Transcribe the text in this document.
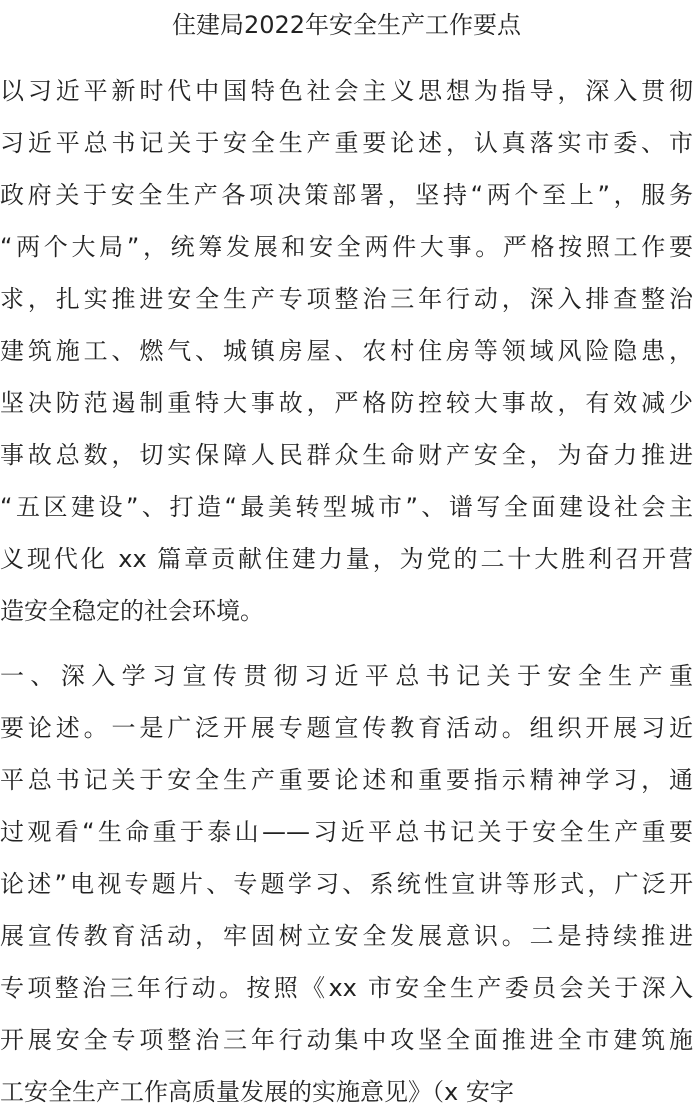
住建局2022年安全生产工作要点
以习近平新时代中国特色社会主义思想为指导，深入贯彻
习近平总书记关于安全生产重要论述，认真落实市委、市
政府关于安全生产各项决策部署，坚持“两个至上”，服务
“两个大局”，统筹发展和安全两件大事。严格按照工作要
求，扎实推进安全生产专项整治三年行动，深入排查整治
建筑施工、燃气、城镇房屋、农村住房等领域风险隐患，
坚决防范遏制重特大事故，严格防控较大事故，有效减少
事故总数，切实保障人民群众生命财产安全，为奋力推进
“五区建设”、打造“最美转型城市”、谱写全面建设社会主
义现代化 xx 篇章贡献住建力量，为党的二十大胜利召开营
造安全稳定的社会环境。
一、深入学习宣传贯彻习近平总书记关于安全生产重
要论述。一是广泛开展专题宣传教育活动。组织开展习近
平总书记关于安全生产重要论述和重要指示精神学习，通
过观看“生命重于泰山——习近平总书记关于安全生产重要
论述”电视专题片、专题学习、系统性宣讲等形式，广泛开
展宣传教育活动，牢固树立安全发展意识。二是持续推进
专项整治三年行动。按照《xx 市安全生产委员会关于深入
开展安全专项整治三年行动集中攻坚全面推进全市建筑施
工安全生产工作高质量发展的实施意见》（x 安字
